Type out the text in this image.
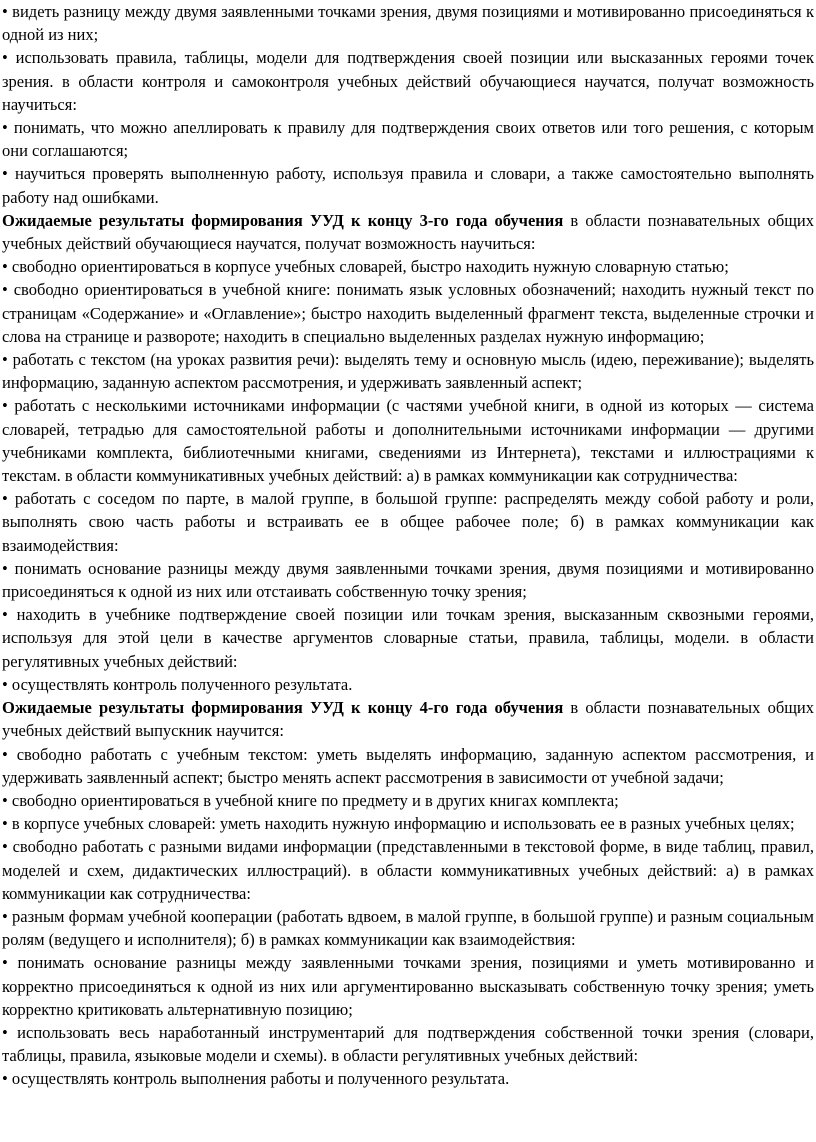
• видеть разницу между двумя заявленными точками зрения, двумя позициями и мотивированно присоединяться к одной из них;

• использовать правила, таблицы, модели для подтверждения своей позиции или высказанных героями точек зрения. в области контроля и самоконтроля учебных действий обучающиеся научатся, получат возможность научиться:

• понимать, что можно апеллировать к правилу для подтверждения своих ответов или того решения, с которым они соглашаются;

• научиться проверять выполненную работу, используя правила и словари, а также самостоятельно выполнять работу над ошибками.

Ожидаемые результаты формирования УУД к концу 3-го года обучения в области познавательных общих учебных действий обучающиеся научатся, получат возможность научиться:

• свободно ориентироваться в корпусе учебных словарей, быстро находить нужную словарную статью;

• свободно ориентироваться в учебной книге: понимать язык условных обозначений; находить нужный текст по страницам «Содержание» и «Оглавление»; быстро находить выделенный фрагмент текста, выделенные строчки и слова на странице и развороте; находить в специально выделенных разделах нужную информацию;

• работать с текстом (на уроках развития речи): выделять тему и основную мысль (идею, переживание); выделять информацию, заданную аспектом рассмотрения, и удерживать заявленный аспект;

• работать с несколькими источниками информации (с частями учебной книги, в одной из которых — система словарей, тетрадью для самостоятельной работы и дополнительными источниками информации — другими учебниками комплекта, библиотечными книгами, сведениями из Интернета), текстами и иллюстрациями к текстам. в области коммуникативных учебных действий: а) в рамках коммуникации как сотрудничества:

• работать с соседом по парте, в малой группе, в большой группе: распределять между собой работу и роли, выполнять свою часть работы и встраивать ее в общее рабочее поле; б) в рамках коммуникации как взаимодействия:

• понимать основание разницы между двумя заявленными точками зрения, двумя позициями и мотивированно присоединяться к одной из них или отстаивать собственную точку зрения;

• находить в учебнике подтверждение своей позиции или точкам зрения, высказанным сквозными героями, используя для этой цели в качестве аргументов словарные статьи, правила, таблицы, модели. в области регулятивных учебных действий:

• осуществлять контроль полученного результата.

Ожидаемые результаты формирования УУД к концу 4-го года обучения в области познавательных общих учебных действий выпускник научится:

• свободно работать с учебным текстом: уметь выделять информацию, заданную аспектом рассмотрения, и удерживать заявленный аспект; быстро менять аспект рассмотрения в зависимости от учебной задачи;

• свободно ориентироваться в учебной книге по предмету и в других книгах комплекта;

• в корпусе учебных словарей: уметь находить нужную информацию и использовать ее в разных учебных целях;

• свободно работать с разными видами информации (представленными в текстовой форме, в виде таблиц, правил, моделей и схем, дидактических иллюстраций). в области коммуникативных учебных действий: а) в рамках коммуникации как сотрудничества:

• разным формам учебной кооперации (работать вдвоем, в малой группе, в большой группе) и разным социальным ролям (ведущего и исполнителя); б) в рамках коммуникации как взаимодействия:

• понимать основание разницы между заявленными точками зрения, позициями и уметь мотивированно и корректно присоединяться к одной из них или аргументированно высказывать собственную точку зрения; уметь корректно критиковать альтернативную позицию;

• использовать весь наработанный инструментарий для подтверждения собственной точки зрения (словари, таблицы, правила, языковые модели и схемы). в области регулятивных учебных действий:

• осуществлять контроль выполнения работы и полученного результата.
